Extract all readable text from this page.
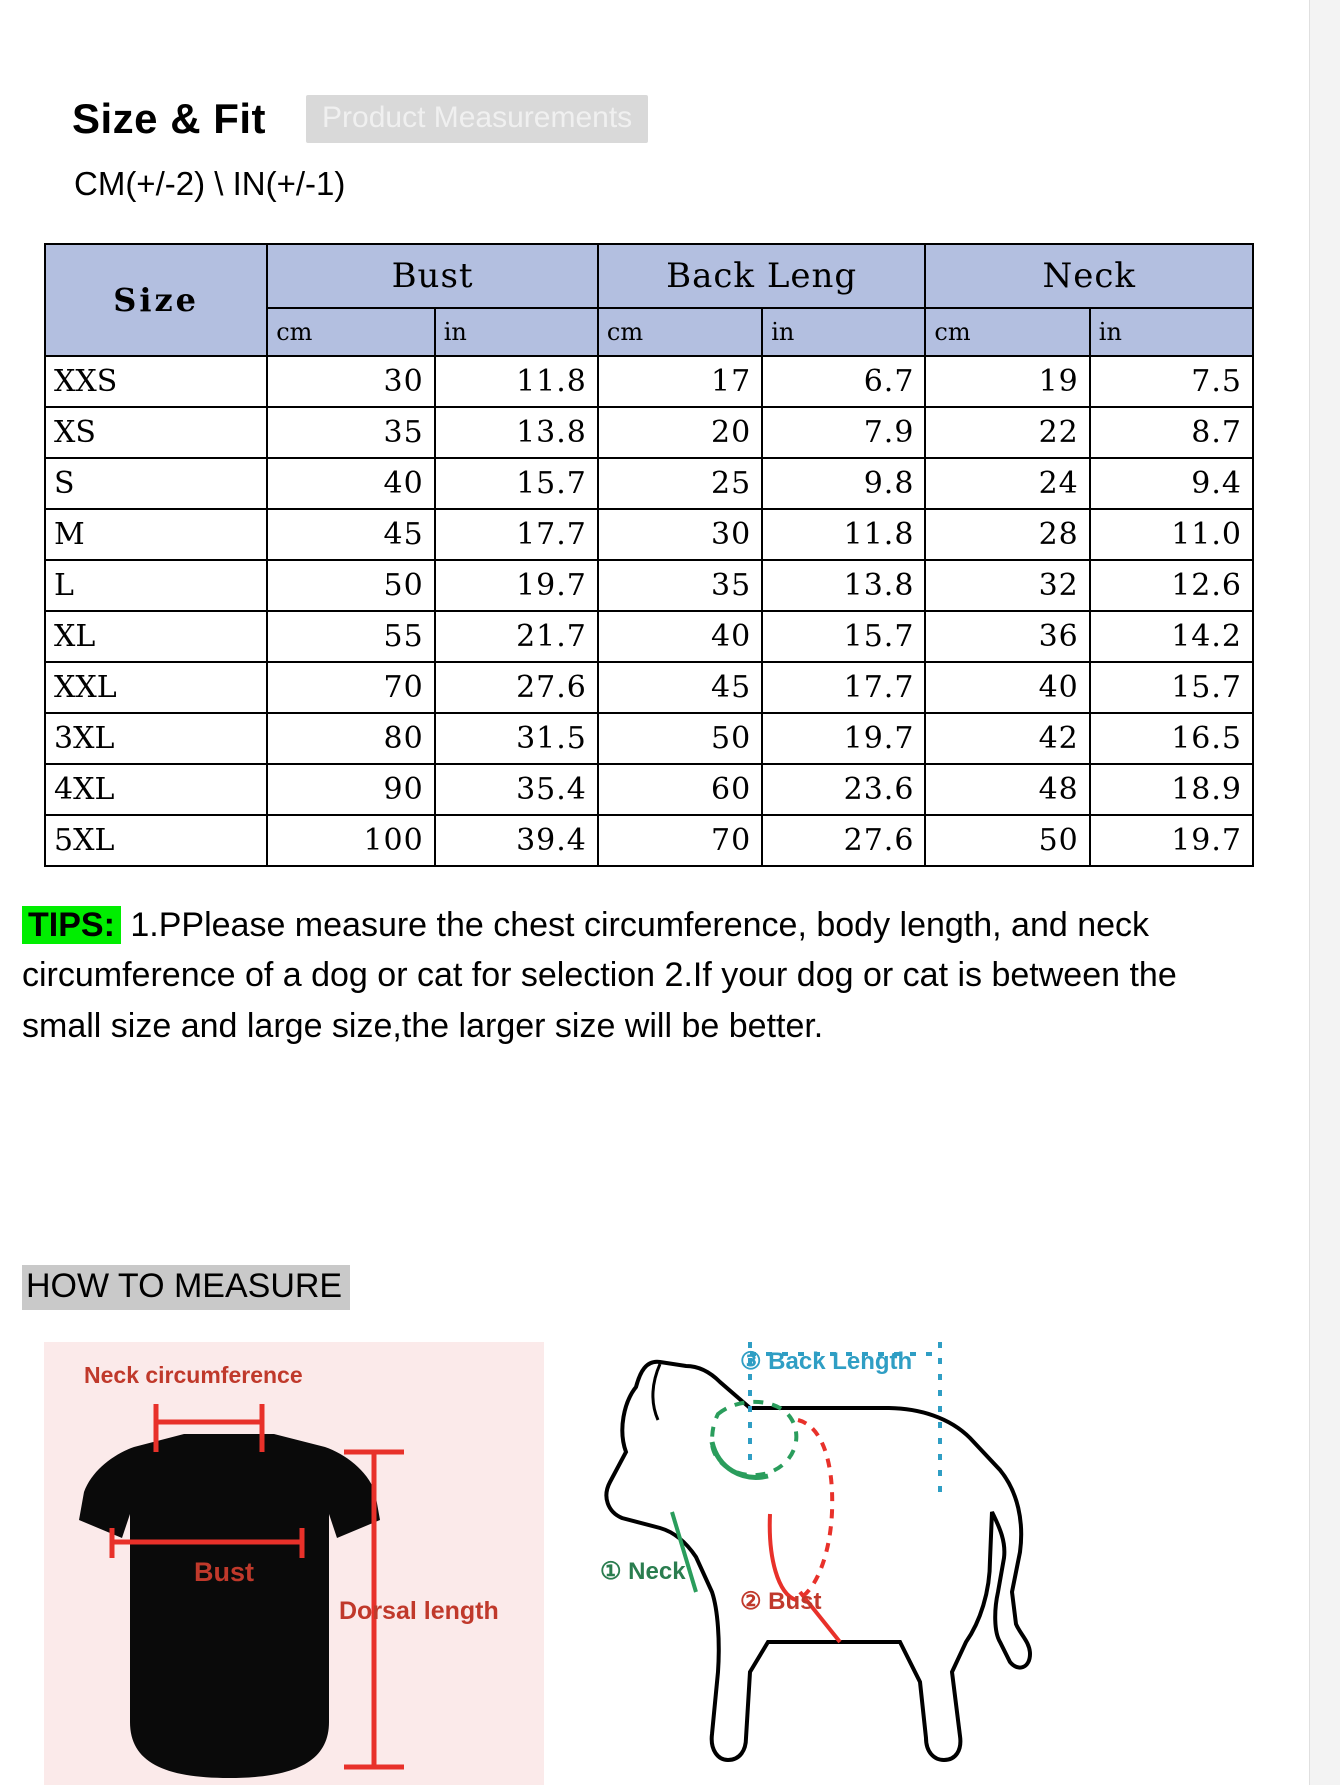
Size & Fit	Product Measurements
CM(+/-2) \ IN(+/-1)
Size	Bust		Back Leng		Neck	
	cm	in	cm	in	cm	in
XXS	30	11.8	17	6.7	19	7.5
XS	35	13.8	20	7.9	22	8.7
S	40	15.7	25	9.8	24	9.4
M	45	17.7	30	11.8	28	11.0
L	50	19.7	35	13.8	32	12.6
XL	55	21.7	40	15.7	36	14.2
XXL	70	27.6	45	17.7	40	15.7
3XL	80	31.5	50	19.7	42	16.5
4XL	90	35.4	60	23.6	48	18.9
5XL	100	39.4	70	27.6	50	19.7
TIPS: 1.PPlease measure the chest circumference, body length, and neck circumference of a dog or cat for selection 2.If your dog or cat is between the small size and large size,the larger size will be better.
HOW TO MEASURE
Neck circumference
Bust
Dorsal length
③ Back Length
① Neck
② Bust
